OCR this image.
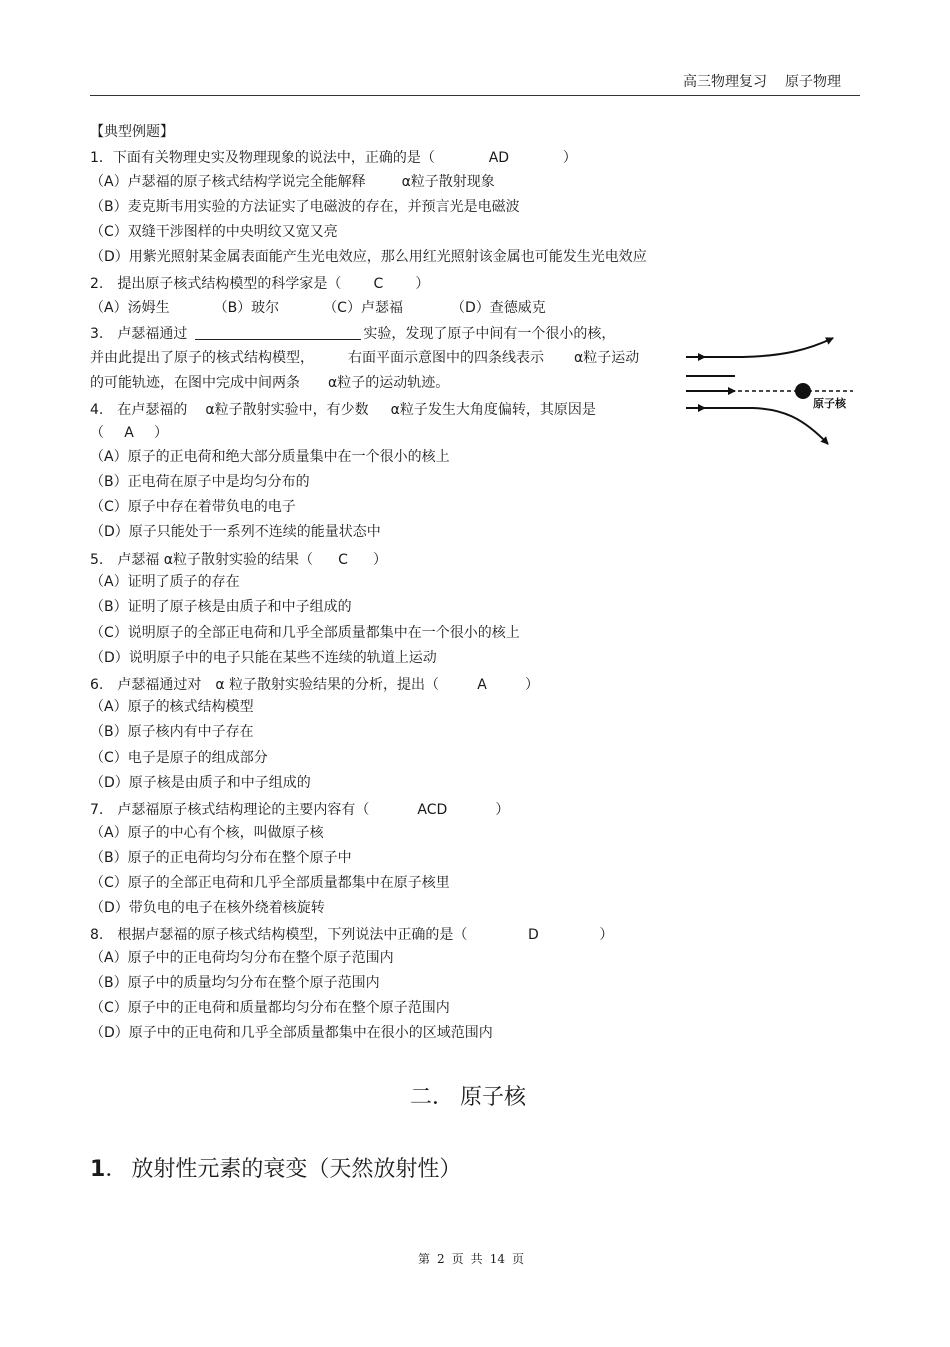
高三物理复习 原子物理
【典型例题】
1．下面有关物理史实及物理现象的说法中，正确的是（	AD	）
（A）卢瑟福的原子核式结构学说完全能解释	α粒子散射现象
（B）麦克斯韦用实验的方法证实了电磁波的存在，并预言光是电磁波
（C）双缝干涉图样的中央明纹又宽又亮
（D）用紫光照射某金属表面能产生光电效应，那么用红光照射该金属也可能发生光电效应
2.　提出原子核式结构模型的科学家是（ C ）
（A）汤姆生	（B）玻尔	（C）卢瑟福	（D）查德威克
3.　卢瑟福通过	实验，发现了原子中间有一个很小的核，
并由此提出了原子的核式结构模型， 右面平面示意图中的四条线表示 α粒子运动
的可能轨迹，在图中完成中间两条 α粒子的运动轨迹。
原子核
4.　在卢瑟福的 α粒子散射实验中，有少数 α粒子发生大角度偏转，其原因是
（ A ）
（A）原子的正电荷和绝大部分质量集中在一个很小的核上
（B）正电荷在原子中是均匀分布的
（C）原子中存在着带负电的电子
（D）原子只能处于一系列不连续的能量状态中
5.　卢瑟福 α粒子散射实验的结果（ C ）
（A）证明了质子的存在
（B）证明了原子核是由质子和中子组成的
（C）说明原子的全部正电荷和几乎全部质量都集中在一个很小的核上
（D）说明原子中的电子只能在某些不连续的轨道上运动
6.　卢瑟福通过对 α 粒子散射实验结果的分析，提出（	A	）
（A）原子的核式结构模型
（B）原子核内有中子存在
（C）电子是原子的组成部分
（D）原子核是由质子和中子组成的
7.　卢瑟福原子核式结构理论的主要内容有（	ACD	）
（A）原子的中心有个核，叫做原子核
（B）原子的正电荷均匀分布在整个原子中
（C）原子的全部正电荷和几乎全部质量都集中在原子核里
（D）带负电的电子在核外绕着核旋转
8.　根据卢瑟福的原子核式结构模型，下列说法中正确的是（	D	）
（A）原子中的正电荷均匀分布在整个原子范围内
（B）原子中的质量均匀分布在整个原子范围内
（C）原子中的正电荷和质量都均匀分布在整个原子范围内
（D）原子中的正电荷和几乎全部质量都集中在很小的区域范围内
二． 原子核
1． 放射性元素的衰变（天然放射性）
第 2 页 共 14 页
